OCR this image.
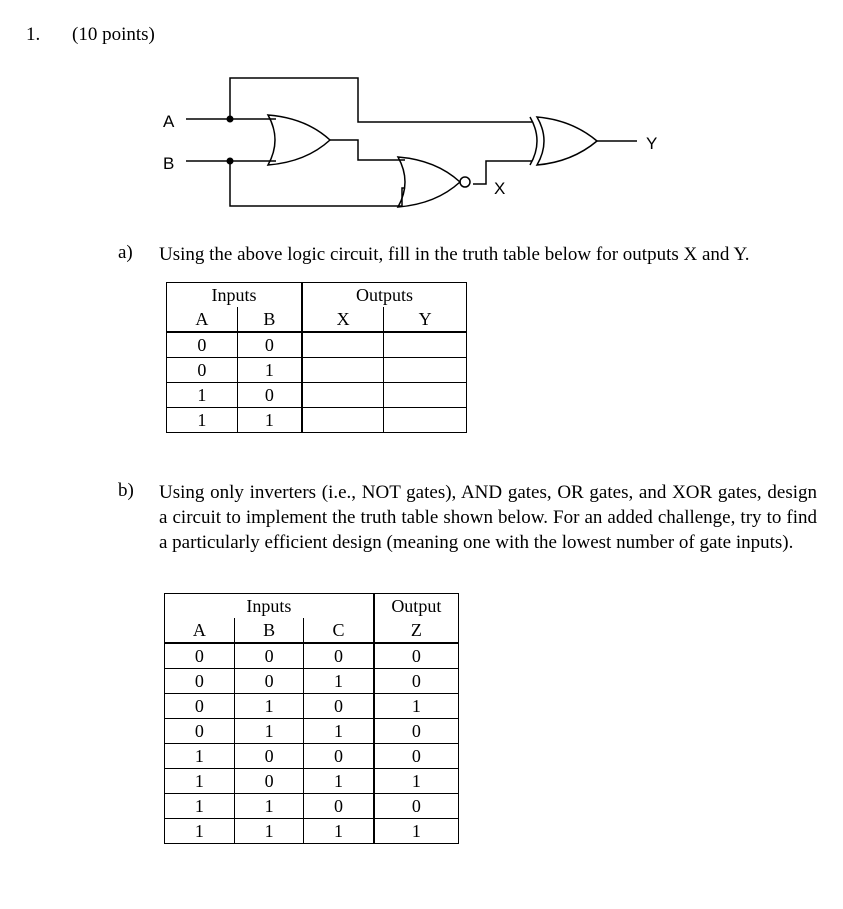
1. (10 points)
A
B
X
Y
a) Using the above logic circuit, fill in the truth table below for outputs X and Y.
Inputs		Outputs	
A	B	X	Y
0	0		
0	1		
1	0		
1	1		
b) Using only inverters (i.e., NOT gates), AND gates, OR gates, and XOR gates, design a circuit to implement the truth table shown below. For an added challenge, try to find a particularly efficient design (meaning one with the lowest number of gate inputs).
Inputs			Output
A	B	C	Z
0	0	0	0
0	0	1	0
0	1	0	1
0	1	1	0
1	0	0	0
1	0	1	1
1	1	0	0
1	1	1	1
